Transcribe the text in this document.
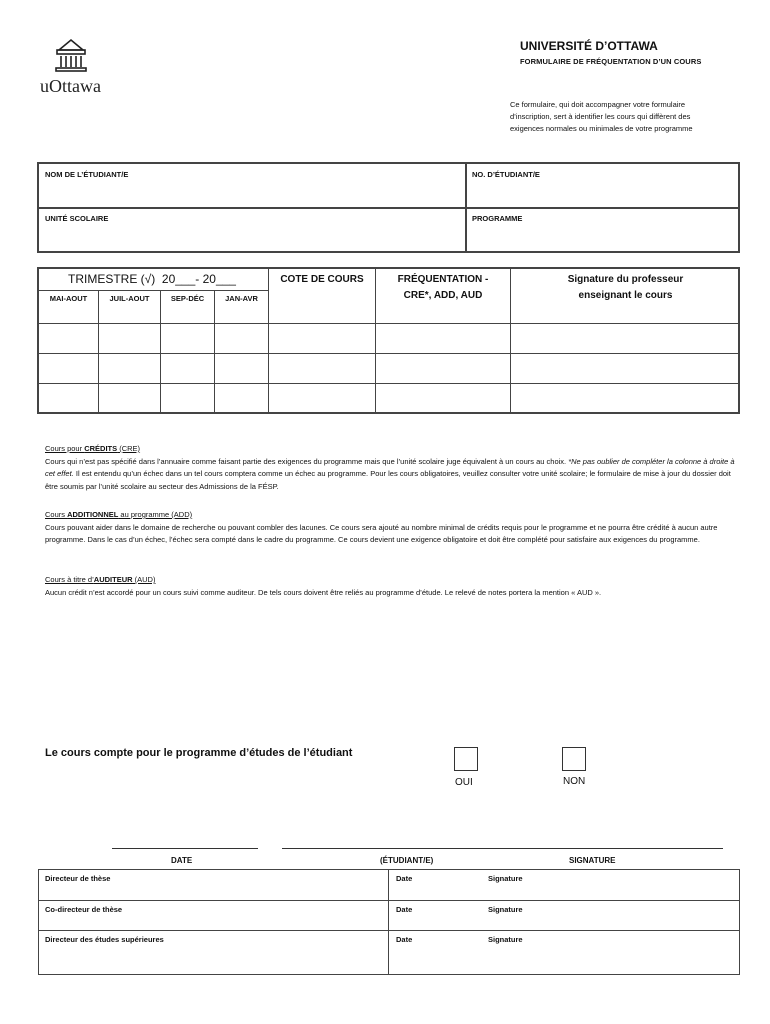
uOttawa
UNIVERSITÉ D’OTTAWA
FORMULAIRE DE FRÉQUENTATION D’UN COURS
Ce formulaire, qui doit accompagner votre formulaire
d’inscription, sert à identifier les cours qui diffèrent des
exigences normales ou minimales de votre programme
NOM DE L’ÉTUDIANT/E	NO. D’ÉTUDIANT/E
UNITÉ SCOLAIRE	PROGRAMME
TRIMESTRE (√)  20___- 20___
MAI-AOUT	JUIL-AOUT	SEP-DÉC	JAN-AVR
COTE DE COURS	FRÉQUENTATION -
CRE*, ADD, AUD
Signature du professeur
enseignant le cours
Cours pour CRÉDITS (CRE)
Cours qui n’est pas spécifié dans l’annuaire comme faisant partie des exigences du programme mais que l’unité scolaire juge équivalent à un cours au choix. *Ne pas oublier de compléter la colonne à droite à cet effet. Il est entendu qu’un échec dans un tel cours comptera comme un échec au programme. Pour les cours obligatoires, veuillez consulter votre unité scolaire; le formulaire de mise à jour du dossier doit être soumis par l’unité scolaire au secteur des Admissions de la FÉSP.
Cours ADDITIONNEL au programme (ADD)
Cours pouvant aider dans le domaine de recherche ou pouvant combler des lacunes. Ce cours sera ajouté au nombre minimal de crédits requis pour le programme et ne pourra être crédité à aucun autre programme. Dans le cas d’un échec, l’échec sera compté dans le cadre du programme. Ce cours devient une exigence obligatoire et doit être complété pour satisfaire aux exigences du programme.
Cours à titre d’AUDITEUR (AUD)
Aucun crédit n’est accordé pour un cours suivi comme auditeur. De tels cours doivent être reliés au programme d’étude. Le relevé de notes portera la mention « AUD ».
Le cours compte pour le programme d’études de l’étudiant
OUI	NON
DATE	(ÉTUDIANT/E)	SIGNATURE
Directeur de thèse	Date	Signature
Co-directeur de thèse	Date	Signature
Directeur des études supérieures	Date	Signature
